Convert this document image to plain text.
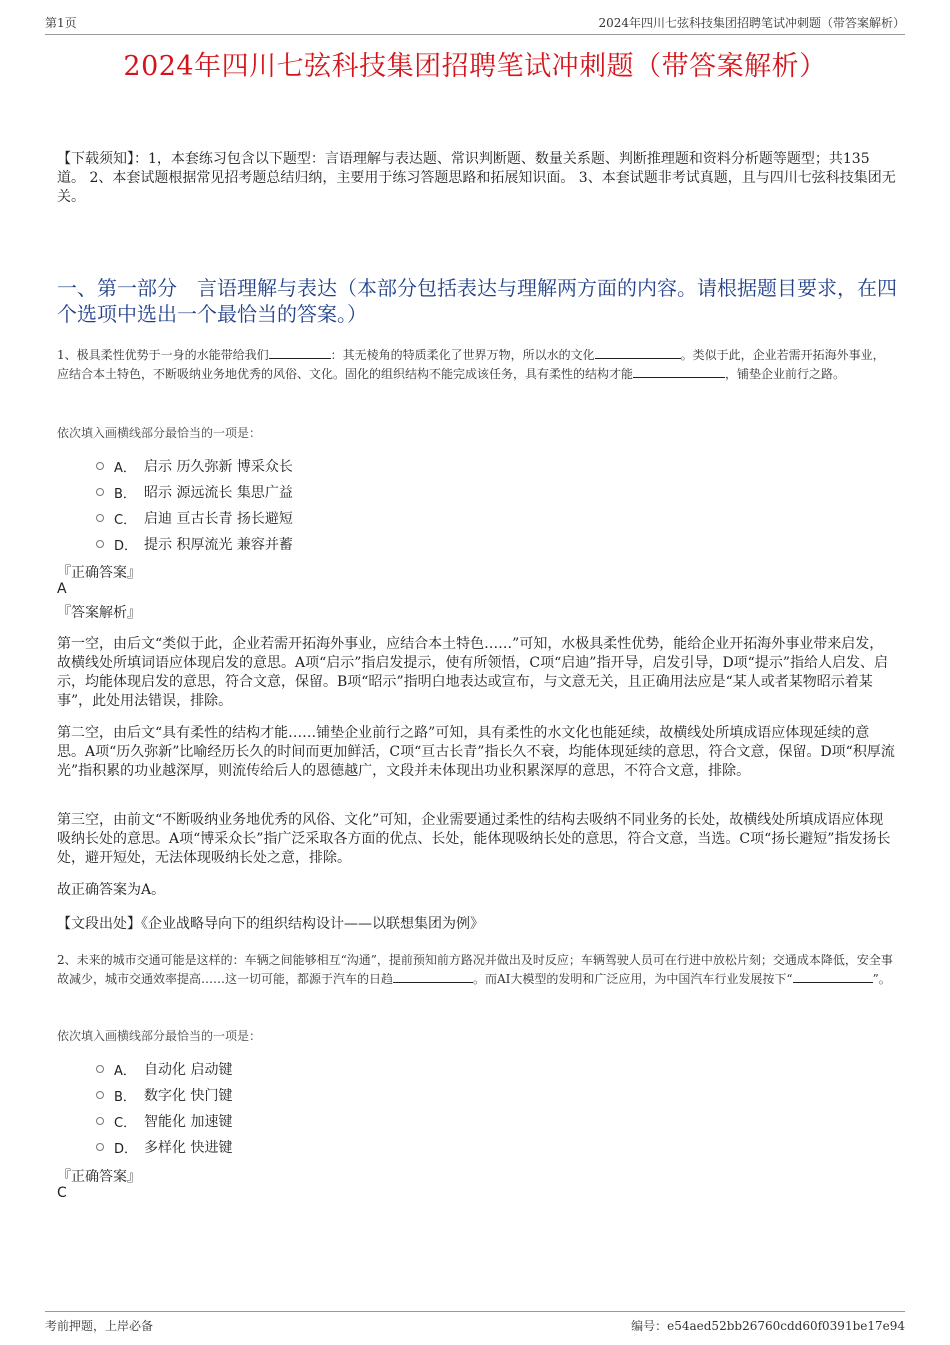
第1页	2024年四川七弦科技集团招聘笔试冲刺题（带答案解析）
2024年四川七弦科技集团招聘笔试冲刺题（带答案解析）
【下载须知】：1，本套练习包含以下题型：言语理解与表达题、常识判断题、数量关系题、判断推理题和资料分析题等题型；共135道。 2、本套试题根据常见招考题总结归纳，主要用于练习答题思路和拓展知识面。 3、本套试题非考试真题，且与四川七弦科技集团无关。
一、第一部分　言语理解与表达（本部分包括表达与理解两方面的内容。请根据题目要求，在四个选项中选出一个最恰当的答案。）
1、极具柔性优势于一身的水能带给我们	：其无棱角的特质柔化了世界万物，所以水的文化	。类似于此，企业若需开拓海外事业，应结合本土特色，不断吸纳业务地优秀的风俗、文化。固化的组织结构不能完成该任务，具有柔性的结构才能	，铺垫企业前行之路。
依次填入画横线部分最恰当的一项是：
A． 启示 历久弥新 博采众长
B． 昭示 源远流长 集思广益
C． 启迪 亘古长青 扬长避短
D． 提示 积厚流光 兼容并蓄
『正确答案』
A
『答案解析』

第一空，由后文“类似于此，企业若需开拓海外事业，应结合本土特色……”可知，水极具柔性优势，能给企业开拓海外事业带来启发，故横线处所填词语应体现启发的意思。A项“启示”指启发提示，使有所领悟，C项“启迪”指开导，启发引导，D项“提示”指给人启发、启示，均能体现启发的意思，符合文意，保留。B项“昭示”指明白地表达或宣布，与文意无关，且正确用法应是“某人或者某物昭示着某事”，此处用法错误，排除。

第二空，由后文“具有柔性的结构才能……铺垫企业前行之路”可知，具有柔性的水文化也能延续，故横线处所填成语应体现延续的意思。A项“历久弥新”比喻经历长久的时间而更加鲜活，C项“亘古长青”指长久不衰，均能体现延续的意思，符合文意，保留。D项“积厚流光”指积累的功业越深厚，则流传给后人的恩德越广，文段并未体现出功业积累深厚的意思，不符合文意，排除。

第三空，由前文“不断吸纳业务地优秀的风俗、文化”可知，企业需要通过柔性的结构去吸纳不同业务的长处，故横线处所填成语应体现吸纳长处的意思。A项“博采众长”指广泛采取各方面的优点、长处，能体现吸纳长处的意思，符合文意，当选。C项“扬长避短”指发扬长处，避开短处，无法体现吸纳长处之意，排除。

故正确答案为A。

【文段出处】《企业战略导向下的组织结构设计——以联想集团为例》

2、未来的城市交通可能是这样的：车辆之间能够相互“沟通”，提前预知前方路况并做出及时反应；车辆驾驶人员可在行进中放松片刻；交通成本降低，安全事故减少，城市交通效率提高……这一切可能，都源于汽车的日趋	。而AI大模型的发明和广泛应用，为中国汽车行业发展按下“	”。
依次填入画横线部分最恰当的一项是：
A． 自动化 启动键
B． 数字化 快门键
C． 智能化 加速键
D． 多样化 快进键
『正确答案』
C
考前押题，上岸必备	编号：e54aed52bb26760cdd60f0391be17e94
